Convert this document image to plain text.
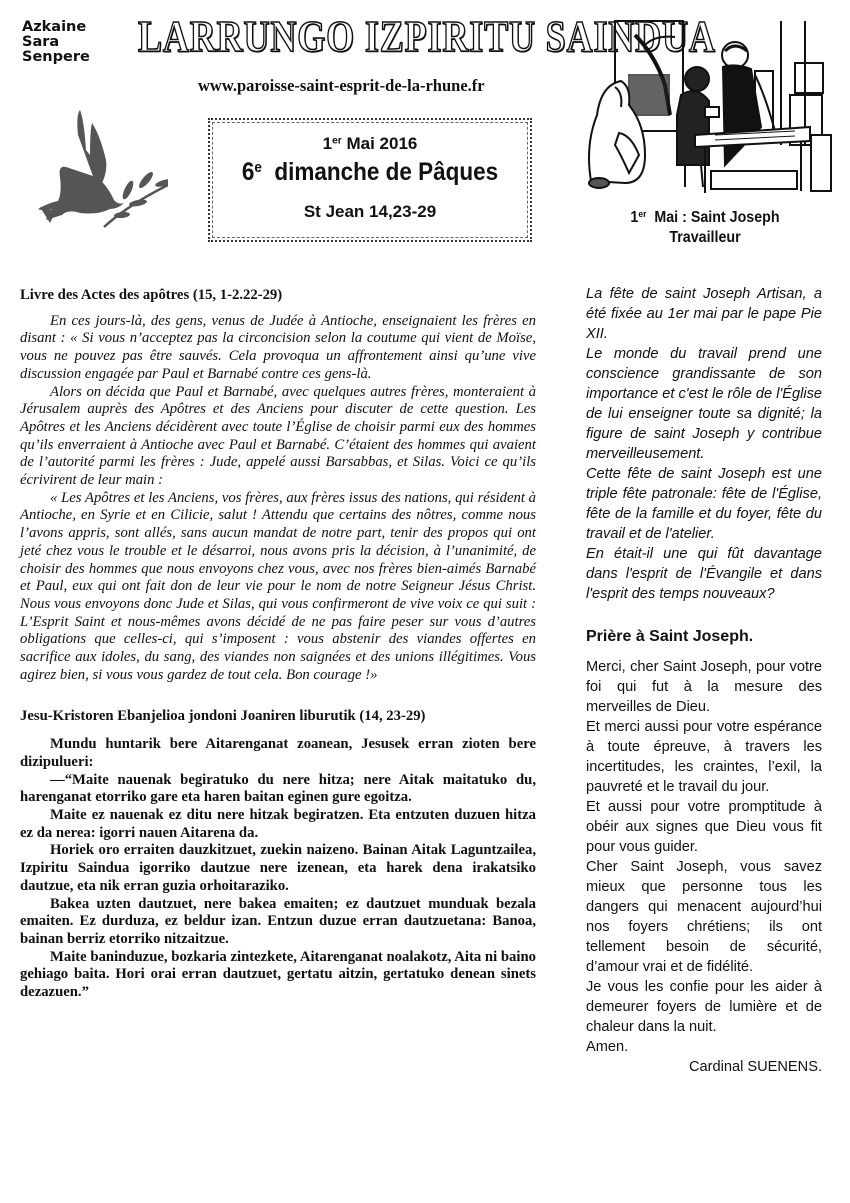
Azkaine
Sara
Senpere LARRUNGO IZPIRITU SAINDUA
www.paroisse-saint-esprit-de-la-rhune.fr
1er Mai 2016
6e  dimanche de Pâques
St Jean 14,23-29	1er  Mai : Saint Joseph
Travailleur
Livre des Actes des apôtres (15, 1-2.22-29)

En ces jours-là, des gens, venus de Judée à Antioche, enseignaient les frères en disant : « Si vous n’acceptez pas la circoncision selon la coutume qui vient de Moïse, vous ne pouvez pas être sauvés. Cela provoqua un affrontement ainsi qu’une vive discussion engagée par Paul et Barnabé contre ces gens-là.

Alors on décida que Paul et Barnabé, avec quelques autres frères, monteraient à Jérusalem auprès des Apôtres et des Anciens pour discuter de cette question. Les Apôtres et les Anciens décidèrent avec toute l’Église de choisir parmi eux des hommes qu’ils enverraient à Antioche avec Paul et Barnabé. C’étaient des hommes qui avaient de l’autorité parmi les frères : Jude, appelé aussi Barsabbas, et Silas. Voici ce qu’ils écrivirent de leur main :

« Les Apôtres et les Anciens, vos frères, aux frères issus des nations, qui résident à Antioche, en Syrie et en Cilicie, salut ! Attendu que certains des nôtres, comme nous l’avons appris, sont allés, sans aucun mandat de notre part, tenir des propos qui ont jeté chez vous le trouble et le désarroi, nous avons pris la décision, à l’unanimité, de choisir des hommes que nous envoyons chez vous, avec nos frères bien-aimés Barnabé et Paul, eux qui ont fait don de leur vie pour le nom de notre Seigneur Jésus Christ. Nous vous envoyons donc Jude et Silas, qui vous confirmeront de vive voix ce qui suit : L’Esprit Saint et nous-mêmes avons décidé de ne pas faire peser sur vous d’autres obligations que celles-ci, qui s’imposent : vous abstenir des viandes offertes en sacrifice aux idoles, du sang, des viandes non saignées et des unions illégitimes. Vous agirez bien, si vous vous gardez de tout cela. Bon courage !»

Jesu-Kristoren Ebanjelioa jondoni Joaniren liburutik (14, 23-29)

Mundu huntarik bere Aitarenganat zoanean, Jesusek erran zioten bere dizipulueri:

—“Maite nauenak begiratuko du nere hitza; nere Aitak maitatuko du, harenganat etorriko gare eta haren baitan eginen gure egoitza.

Maite ez nauenak ez ditu nere hitzak begiratzen. Eta entzuten duzuen hitza ez da nerea: igorri nauen Aitarena da.

Horiek oro erraiten dauzkitzuet, zuekin naizeno. Bainan Aitak Laguntzailea, Izpiritu Saindua igorriko dautzue nere izenean, eta harek dena irakatsiko dautzue, eta nik erran guzia orhoitaraziko.

Bakea uzten dautzuet, nere bakea emaiten; ez dautzuet munduak bezala emaiten. Ez durduza, ez beldur izan. Entzun duzue erran dautzuetana: Banoa, bainan berriz etorriko nitzaitzue.

Maite baninduzue, bozkaria zintezkete, Aitarenganat noalakotz, Aita ni baino gehiago baita. Hori orai erran dautzuet, gertatu aitzin, gertatuko denean sinets dezazuen.”

La fête de saint Joseph Artisan, a été fixée au 1er mai par le pape Pie XII.

Le monde du travail prend une conscience grandissante de son importance et c'est le rôle de l'Église de lui enseigner toute sa dignité; la figure de saint Joseph y contribue merveilleusement.

Cette fête de saint Joseph est une triple fête patronale: fête de l'Église, fête de la famille et du foyer, fête du travail et de l'atelier.

En était-il une qui fût davantage dans l'esprit de l'Évangile et dans l'esprit des temps nouveaux?

Prière à Saint Joseph.

Merci, cher Saint Joseph, pour votre foi qui fut à la mesure des merveilles de Dieu.

Et merci aussi pour votre espérance à toute épreuve, à travers les incertitudes, les craintes, l’exil, la pauvreté et le travail du jour.

Et aussi pour votre promptitude à obéir aux signes que Dieu vous fit pour vous guider.

Cher Saint Joseph, vous savez mieux que personne tous les dangers qui menacent aujourd’hui nos foyers chrétiens; ils ont tellement besoin de sécurité, d’amour vrai et de fidélité.

Je vous les confie pour les aider à demeurer foyers de lumière et de chaleur dans la nuit.

Amen.

Cardinal SUENENS.
